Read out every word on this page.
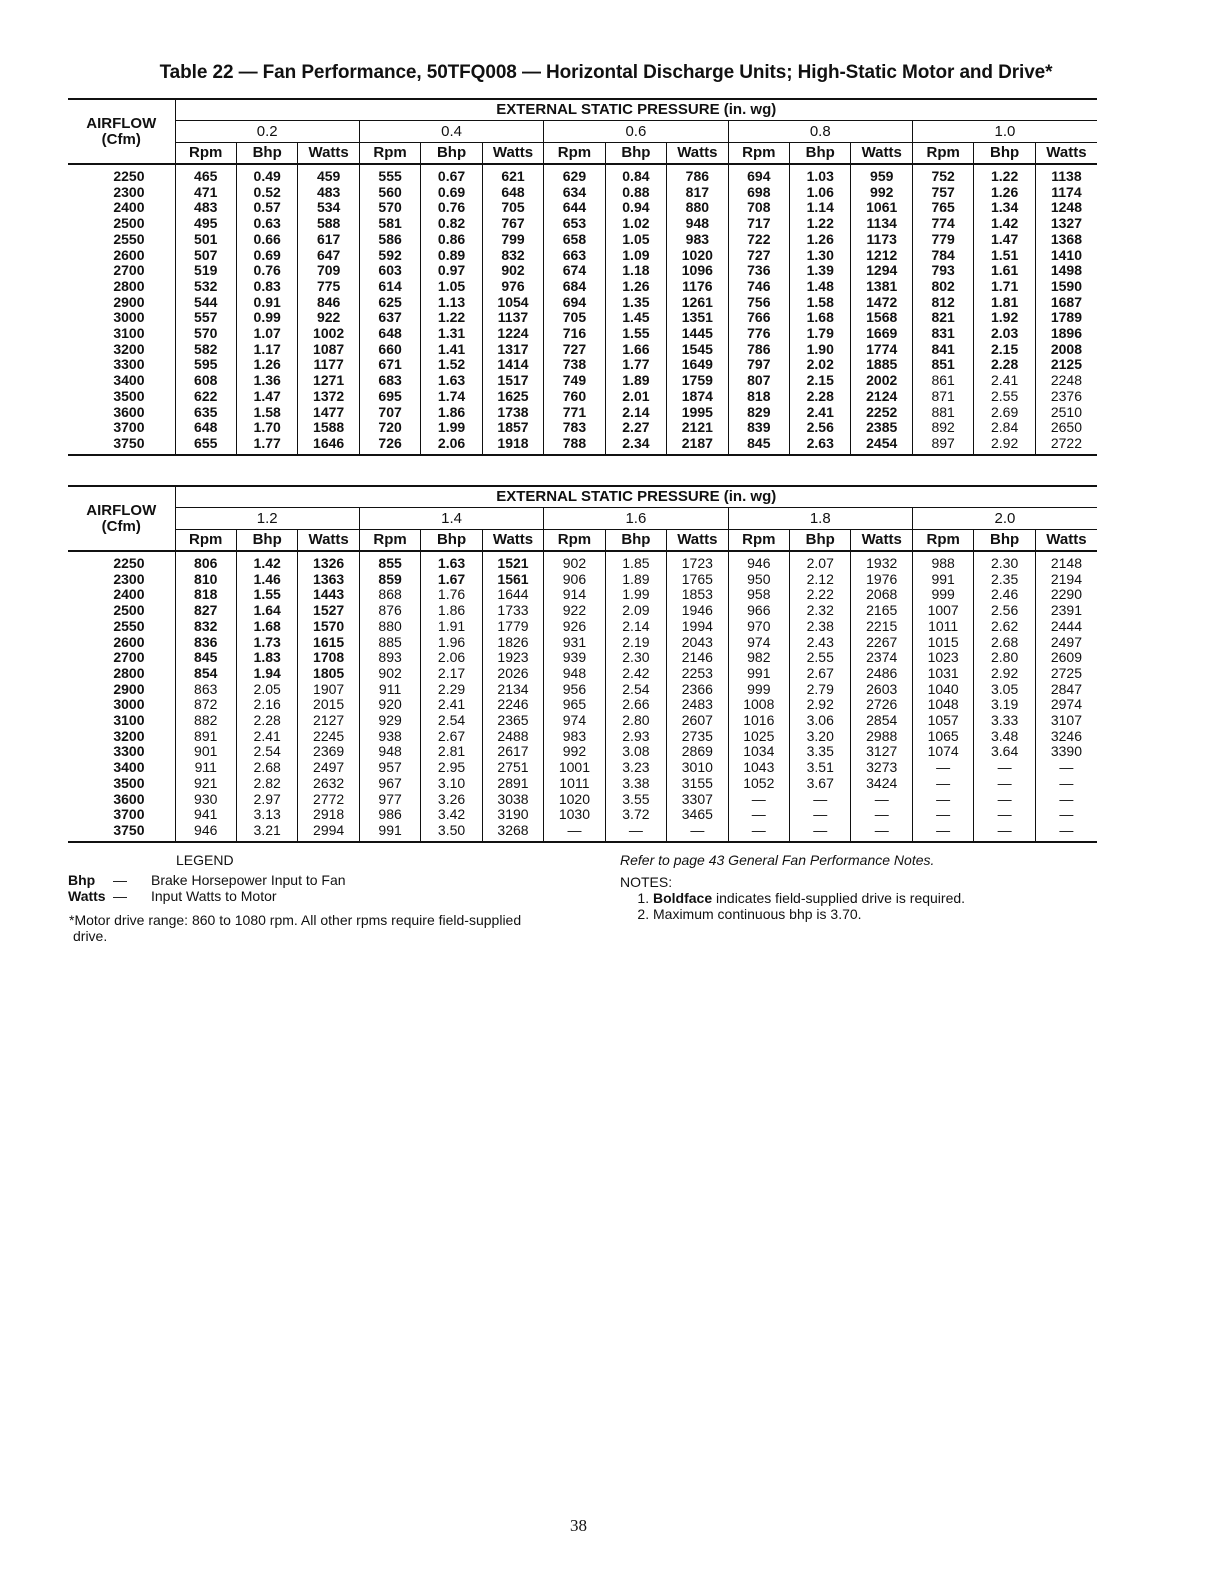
Table 22 — Fan Performance, 50TFQ008 — Horizontal Discharge Units; High-Static Motor and Drive*
AIRFLOW
(Cfm)	EXTERNAL STATIC PRESSURE (in. wg)														
	0.2			0.4			0.6			0.8			1.0		
	Rpm	Bhp	Watts	Rpm	Bhp	Watts	Rpm	Bhp	Watts	Rpm	Bhp	Watts	Rpm	Bhp	Watts
2250	465	0.49	459	555	0.67	621	629	0.84	786	694	1.03	959	752	1.22	1138
2300	471	0.52	483	560	0.69	648	634	0.88	817	698	1.06	992	757	1.26	1174
2400	483	0.57	534	570	0.76	705	644	0.94	880	708	1.14	1061	765	1.34	1248
2500	495	0.63	588	581	0.82	767	653	1.02	948	717	1.22	1134	774	1.42	1327
2550	501	0.66	617	586	0.86	799	658	1.05	983	722	1.26	1173	779	1.47	1368
2600	507	0.69	647	592	0.89	832	663	1.09	1020	727	1.30	1212	784	1.51	1410
2700	519	0.76	709	603	0.97	902	674	1.18	1096	736	1.39	1294	793	1.61	1498
2800	532	0.83	775	614	1.05	976	684	1.26	1176	746	1.48	1381	802	1.71	1590
2900	544	0.91	846	625	1.13	1054	694	1.35	1261	756	1.58	1472	812	1.81	1687
3000	557	0.99	922	637	1.22	1137	705	1.45	1351	766	1.68	1568	821	1.92	1789
3100	570	1.07	1002	648	1.31	1224	716	1.55	1445	776	1.79	1669	831	2.03	1896
3200	582	1.17	1087	660	1.41	1317	727	1.66	1545	786	1.90	1774	841	2.15	2008
3300	595	1.26	1177	671	1.52	1414	738	1.77	1649	797	2.02	1885	851	2.28	2125
3400	608	1.36	1271	683	1.63	1517	749	1.89	1759	807	2.15	2002	861	2.41	2248
3500	622	1.47	1372	695	1.74	1625	760	2.01	1874	818	2.28	2124	871	2.55	2376
3600	635	1.58	1477	707	1.86	1738	771	2.14	1995	829	2.41	2252	881	2.69	2510
3700	648	1.70	1588	720	1.99	1857	783	2.27	2121	839	2.56	2385	892	2.84	2650
3750	655	1.77	1646	726	2.06	1918	788	2.34	2187	845	2.63	2454	897	2.92	2722
AIRFLOW
(Cfm)	EXTERNAL STATIC PRESSURE (in. wg)														
	1.2			1.4			1.6			1.8			2.0		
	Rpm	Bhp	Watts	Rpm	Bhp	Watts	Rpm	Bhp	Watts	Rpm	Bhp	Watts	Rpm	Bhp	Watts
2250	806	1.42	1326	855	1.63	1521	902	1.85	1723	946	2.07	1932	988	2.30	2148
2300	810	1.46	1363	859	1.67	1561	906	1.89	1765	950	2.12	1976	991	2.35	2194
2400	818	1.55	1443	868	1.76	1644	914	1.99	1853	958	2.22	2068	999	2.46	2290
2500	827	1.64	1527	876	1.86	1733	922	2.09	1946	966	2.32	2165	1007	2.56	2391
2550	832	1.68	1570	880	1.91	1779	926	2.14	1994	970	2.38	2215	1011	2.62	2444
2600	836	1.73	1615	885	1.96	1826	931	2.19	2043	974	2.43	2267	1015	2.68	2497
2700	845	1.83	1708	893	2.06	1923	939	2.30	2146	982	2.55	2374	1023	2.80	2609
2800	854	1.94	1805	902	2.17	2026	948	2.42	2253	991	2.67	2486	1031	2.92	2725
2900	863	2.05	1907	911	2.29	2134	956	2.54	2366	999	2.79	2603	1040	3.05	2847
3000	872	2.16	2015	920	2.41	2246	965	2.66	2483	1008	2.92	2726	1048	3.19	2974
3100	882	2.28	2127	929	2.54	2365	974	2.80	2607	1016	3.06	2854	1057	3.33	3107
3200	891	2.41	2245	938	2.67	2488	983	2.93	2735	1025	3.20	2988	1065	3.48	3246
3300	901	2.54	2369	948	2.81	2617	992	3.08	2869	1034	3.35	3127	1074	3.64	3390
3400	911	2.68	2497	957	2.95	2751	1001	3.23	3010	1043	3.51	3273	—	—	—
3500	921	2.82	2632	967	3.10	2891	1011	3.38	3155	1052	3.67	3424	—	—	—
3600	930	2.97	2772	977	3.26	3038	1020	3.55	3307	—	—	—	—	—	—
3700	941	3.13	2918	986	3.42	3190	1030	3.72	3465	—	—	—	—	—	—
3750	946	3.21	2994	991	3.50	3268	—	—	—	—	—	—	—	—	—
LEGEND
Bhp	—	Brake Horsepower Input to Fan
Watts —	Input Watts to Motor
*Motor drive range: 860 to 1080 rpm. All other rpms require field-supplied drive.
Refer to page 43 General Fan Performance Notes.
NOTES:
1. Boldface indicates field-supplied drive is required.
2. Maximum continuous bhp is 3.70.
38
